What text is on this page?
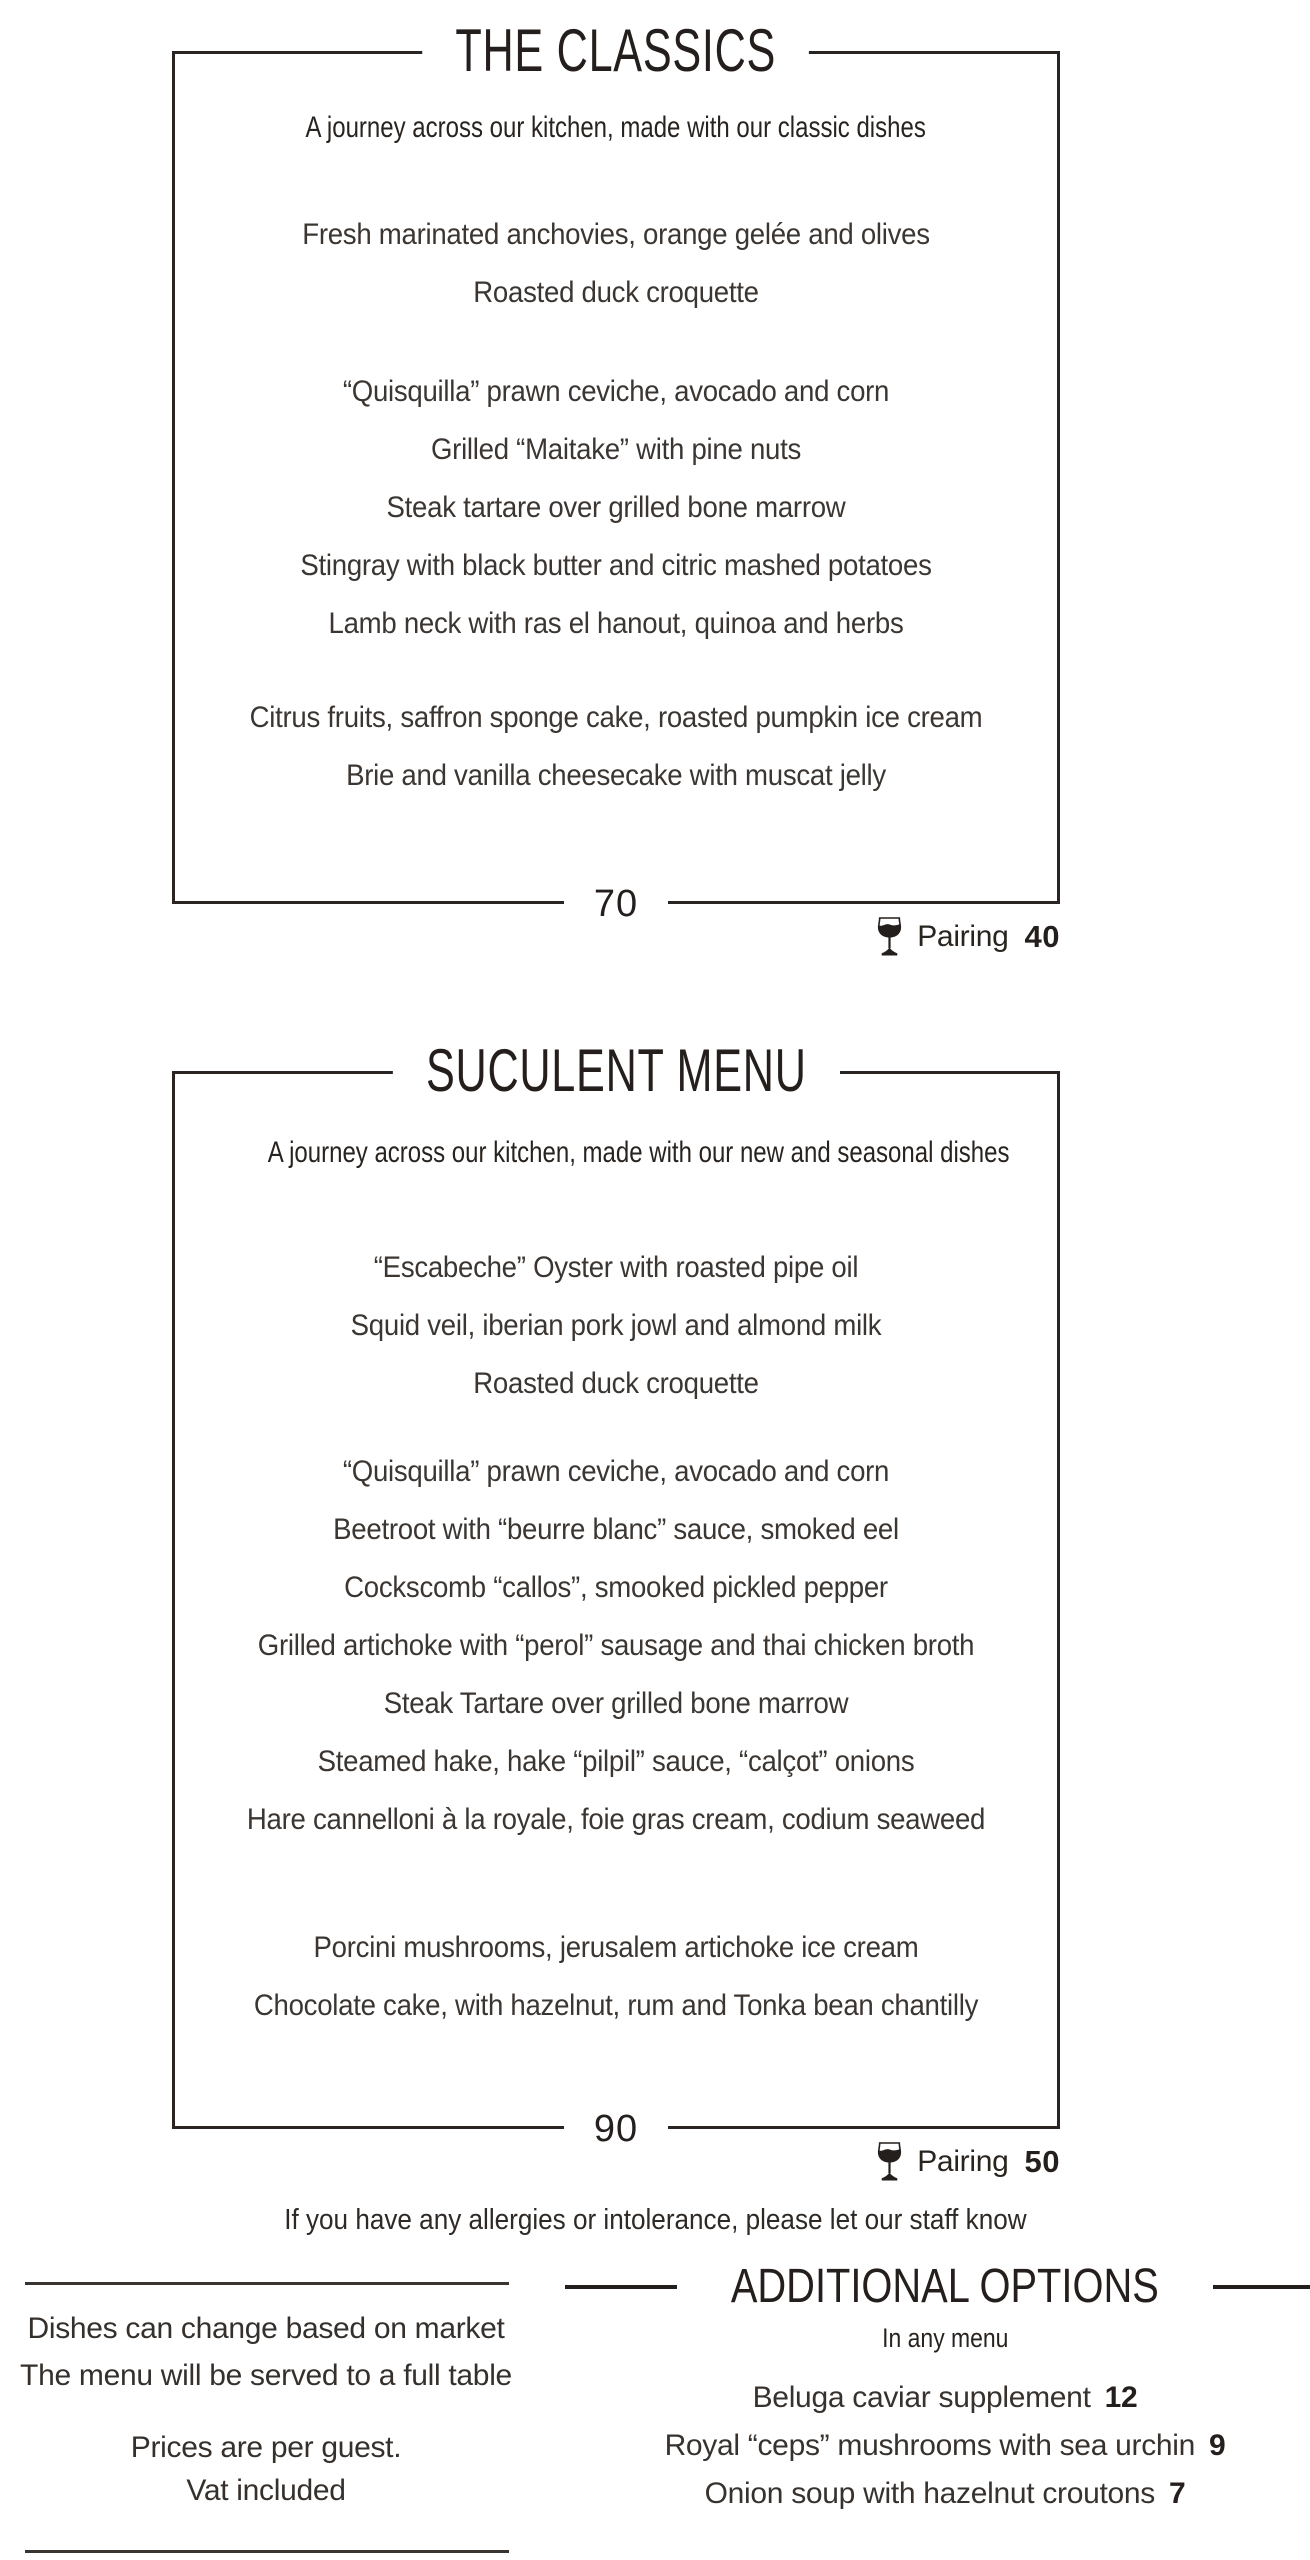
THE CLASSICS
A journey across our kitchen, made with our classic dishes
Fresh marinated anchovies, orange gelée and olives
Roasted duck croquette
“Quisquilla” prawn ceviche, avocado and corn
Grilled “Maitake” with pine nuts
Steak tartare over grilled bone marrow
Stingray with black butter and citric mashed potatoes
Lamb neck with ras el hanout, quinoa and herbs
Citrus fruits, saffron sponge cake, roasted pumpkin ice cream
Brie and vanilla cheesecake with muscat jelly
70
Pairing 40
SUCULENT MENU
A journey across our kitchen, made with our new and seasonal dishes
“Escabeche” Oyster with roasted pipe oil
Squid veil, iberian pork jowl and almond milk
Roasted duck croquette
“Quisquilla” prawn ceviche, avocado and corn
Beetroot with “beurre blanc” sauce, smoked eel
Cockscomb “callos”, smooked pickled pepper
Grilled artichoke with “perol” sausage and thai chicken broth
Steak Tartare over grilled bone marrow
Steamed hake, hake “pilpil” sauce, “calçot” onions
Hare cannelloni à la royale, foie gras cream, codium seaweed
Porcini mushrooms, jerusalem artichoke ice cream
Chocolate cake, with hazelnut, rum and Tonka bean chantilly
90
Pairing 50
If you have any allergies or intolerance, please let our staff know
Dishes can change based on market
The menu will be served to a full table
Prices are per guest.
Vat included
ADDITIONAL OPTIONS
In any menu
Beluga caviar supplement 12
Royal “ceps” mushrooms with sea urchin 9
Onion soup with hazelnut croutons 7
